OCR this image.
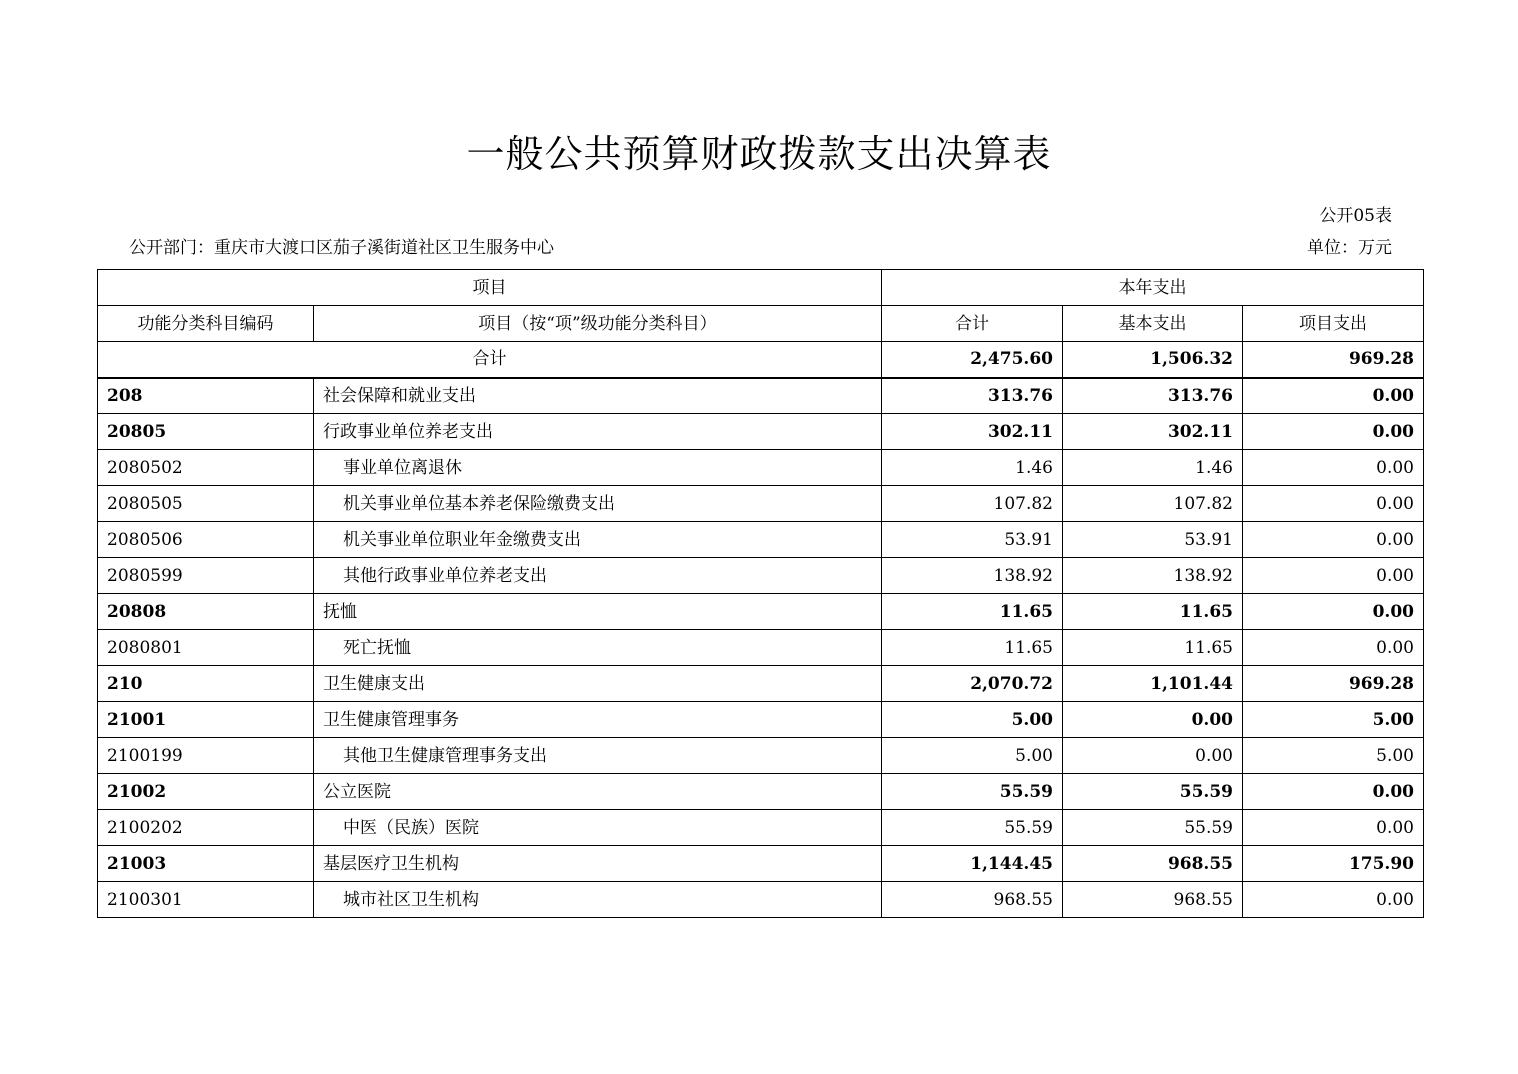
一般公共预算财政拨款支出决算表
公开05表
公开部门：重庆市大渡口区茄子溪街道社区卫生服务中心	单位：万元
项目		本年支出		
功能分类科目编码	项目（按“项”级功能分类科目）	合计	基本支出	项目支出
合计		2,475.60	1,506.32	969.28
208	社会保障和就业支出	313.76	313.76	0.00
20805	行政事业单位养老支出	302.11	302.11	0.00
2080502	事业单位离退休	1.46	1.46	0.00
2080505	机关事业单位基本养老保险缴费支出	107.82	107.82	0.00
2080506	机关事业单位职业年金缴费支出	53.91	53.91	0.00
2080599	其他行政事业单位养老支出	138.92	138.92	0.00
20808	抚恤	11.65	11.65	0.00
2080801	死亡抚恤	11.65	11.65	0.00
210	卫生健康支出	2,070.72	1,101.44	969.28
21001	卫生健康管理事务	5.00	0.00	5.00
2100199	其他卫生健康管理事务支出	5.00	0.00	5.00
21002	公立医院	55.59	55.59	0.00
2100202	中医（民族）医院	55.59	55.59	0.00
21003	基层医疗卫生机构	1,144.45	968.55	175.90
2100301	城市社区卫生机构	968.55	968.55	0.00
